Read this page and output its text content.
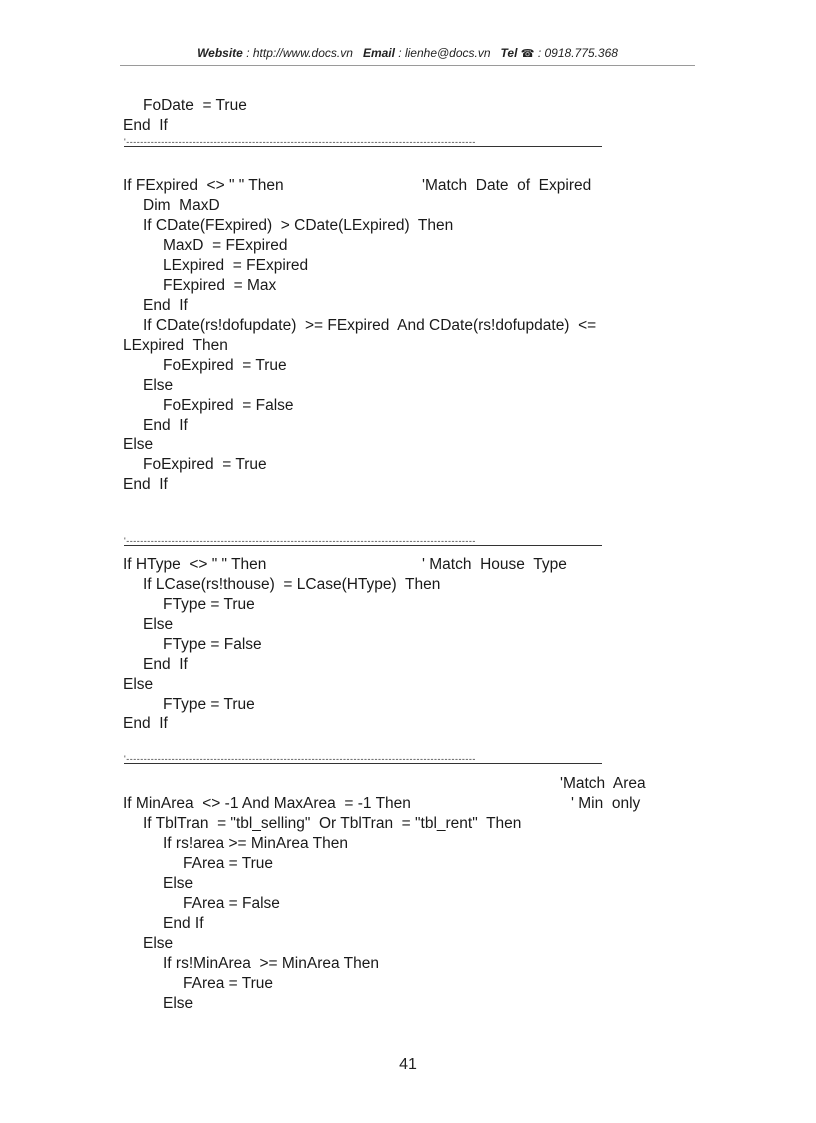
Website : http://www.docs.vn Email : lienhe@docs.vn Tel ☎ : 0918.775.368
FoDate  = True
End  If
'----------------------------------------------------------------------------------------------------
If FExpired  <> " " Then	'Match  Date  of  Expired
Dim  MaxD
If CDate(FExpired)  > CDate(LExpired)  Then
MaxD  = FExpired
LExpired  = FExpired
FExpired  = Max
End  If
If CDate(rs!dofupdate)  >= FExpired  And CDate(rs!dofupdate)  <=
LExpired  Then
FoExpired  = True
Else
FoExpired  = False
End  If
Else
FoExpired  = True
End  If
'----------------------------------------------------------------------------------------------------
If HType  <> " " Then	' Match  House  Type
If LCase(rs!thouse)  = LCase(HType)  Then
FType = True
Else
FType = False
End  If
Else
FType = True
End  If
'----------------------------------------------------------------------------------------------------
'Match  Area
If MinArea  <> -1 And MaxArea  = -1 Then	' Min  only
If TblTran  = "tbl_selling"  Or TblTran  = "tbl_rent"  Then
If rs!area >= MinArea Then
FArea = True
Else
FArea = False
End If
Else
If rs!MinArea  >= MinArea Then
FArea = True
Else
41
